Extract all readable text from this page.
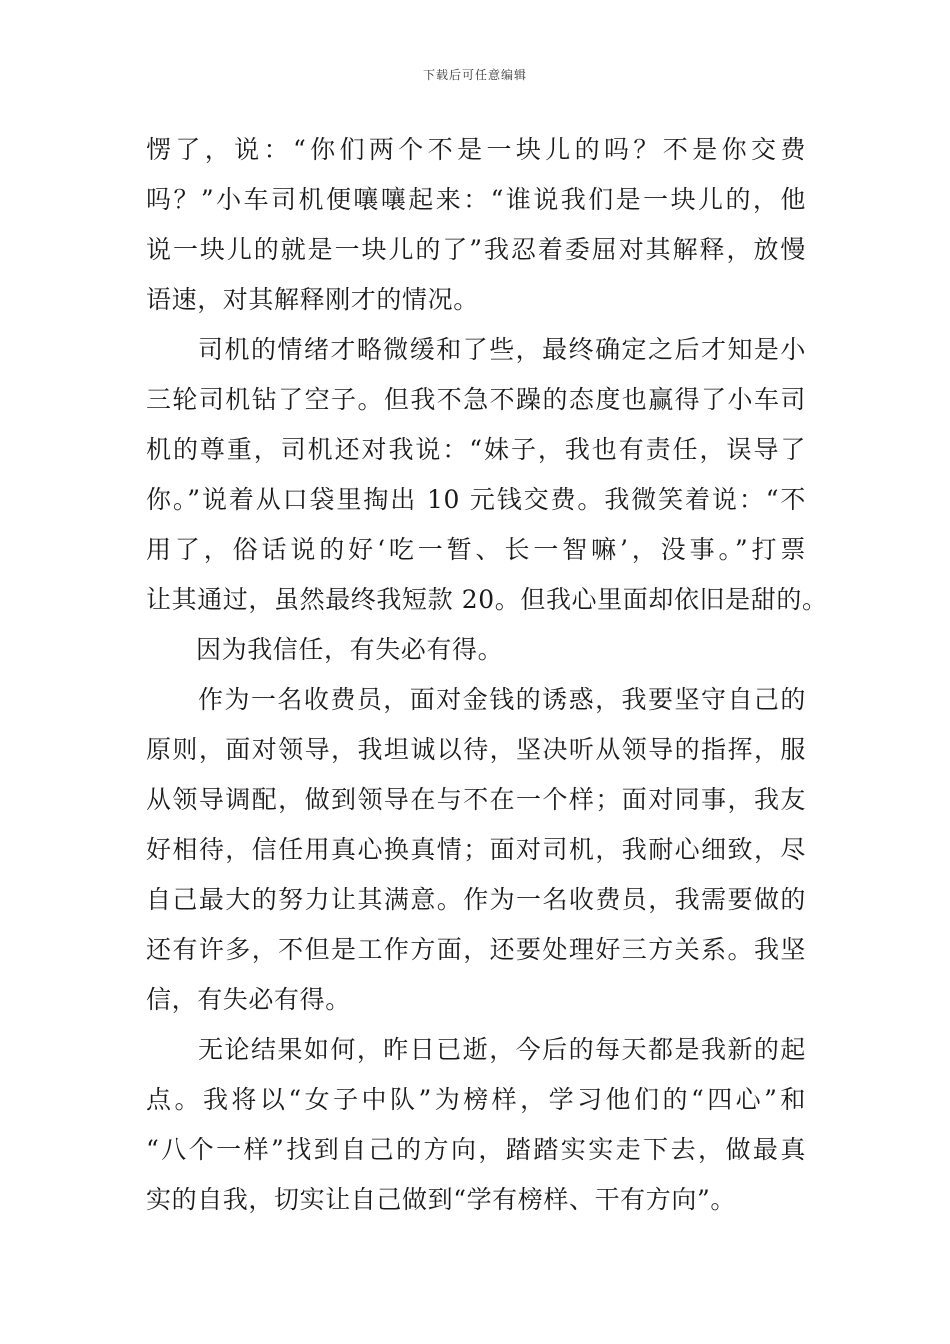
下载后可任意编辑
愣了，说：“你们两个不是一块儿的吗？不是你交费
吗？”小车司机便嚷嚷起来：“谁说我们是一块儿的，他
说一块儿的就是一块儿的了”我忍着委屈对其解释，放慢
语速，对其解释刚才的情况。
司机的情绪才略微缓和了些，最终确定之后才知是小
三轮司机钻了空子。但我不急不躁的态度也赢得了小车司
机的尊重，司机还对我说：“妹子，我也有责任，误导了
你。”说着从口袋里掏出 10 元钱交费。我微笑着说：“不
用了，俗话说的好‘吃一暂、长一智嘛’，没事。”打票
让其通过，虽然最终我短款 20。但我心里面却依旧是甜的。
因为我信任，有失必有得。
作为一名收费员，面对金钱的诱惑，我要坚守自己的
原则，面对领导，我坦诚以待，坚决听从领导的指挥，服
从领导调配，做到领导在与不在一个样；面对同事，我友
好相待，信任用真心换真情；面对司机，我耐心细致，尽
自己最大的努力让其满意。作为一名收费员，我需要做的
还有许多，不但是工作方面，还要处理好三方关系。我坚
信，有失必有得。
无论结果如何，昨日已逝，今后的每天都是我新的起
点。我将以“女子中队”为榜样，学习他们的“四心”和
“八个一样”找到自己的方向，踏踏实实走下去，做最真
实的自我，切实让自己做到“学有榜样、干有方向”。
